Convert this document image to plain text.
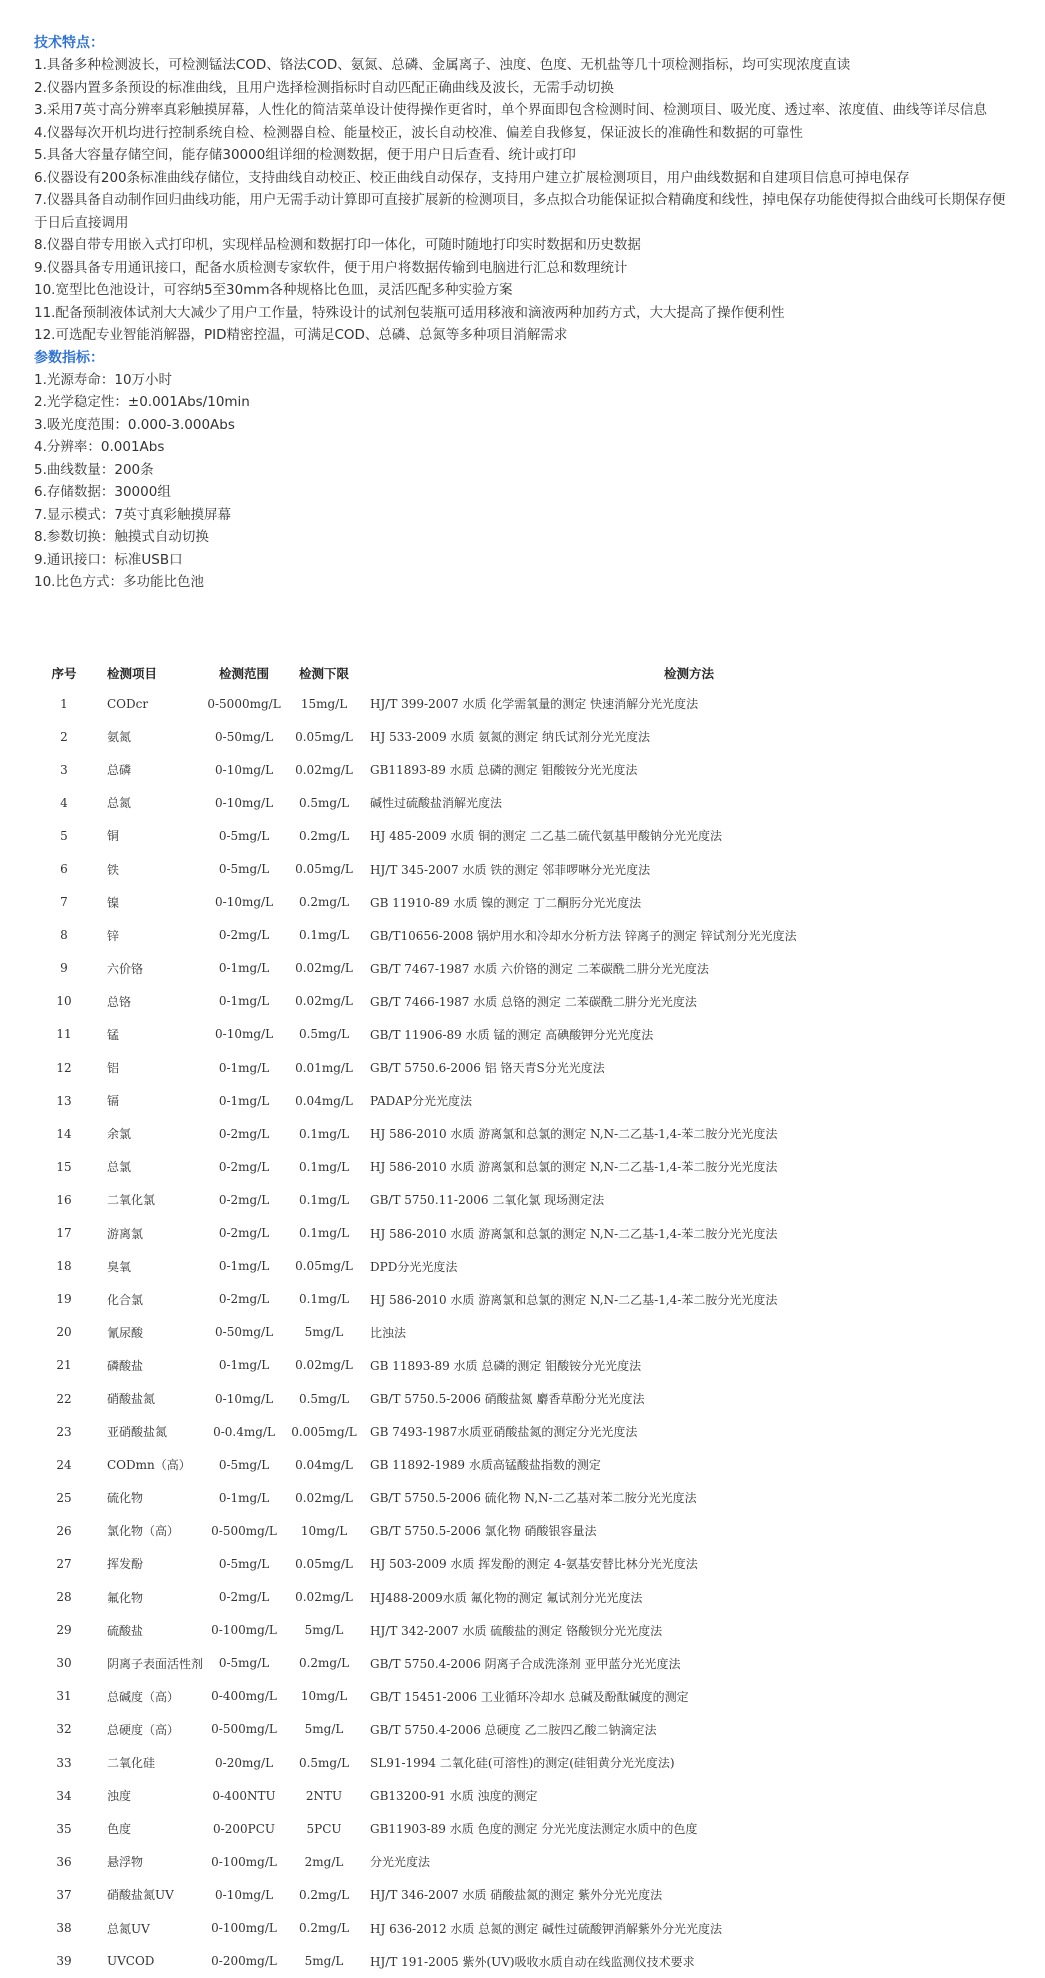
技术特点：
1.具备多种检测波长，可检测锰法COD、铬法COD、氨氮、总磷、金属离子、浊度、色度、无机盐等几十项检测指标，均可实现浓度直读
2.仪器内置多条预设的标准曲线，且用户选择检测指标时自动匹配正确曲线及波长，无需手动切换
3.采用7英寸高分辨率真彩触摸屏幕，人性化的简洁菜单设计使得操作更省时，单个界面即包含检测时间、检测项目、吸光度、透过率、浓度值、曲线等详尽信息
4.仪器每次开机均进行控制系统自检、检测器自检、能量校正，波长自动校准、偏差自我修复，保证波长的准确性和数据的可靠性
5.具备大容量存储空间，能存储30000组详细的检测数据，便于用户日后查看、统计或打印
6.仪器设有200条标准曲线存储位，支持曲线自动校正、校正曲线自动保存，支持用户建立扩展检测项目，用户曲线数据和自建项目信息可掉电保存
7.仪器具备自动制作回归曲线功能，用户无需手动计算即可直接扩展新的检测项目，多点拟合功能保证拟合精确度和线性，掉电保存功能使得拟合曲线可长期保存便于日后直接调用
8.仪器自带专用嵌入式打印机，实现样品检测和数据打印一体化，可随时随地打印实时数据和历史数据
9.仪器具备专用通讯接口，配备水质检测专家软件，便于用户将数据传输到电脑进行汇总和数理统计
10.宽型比色池设计，可容纳5至30mm各种规格比色皿，灵活匹配多种实验方案
11.配备预制液体试剂大大减少了用户工作量，特殊设计的试剂包装瓶可适用移液和滴液两种加药方式，大大提高了操作便利性
12.可选配专业智能消解器，PID精密控温，可满足COD、总磷、总氮等多种项目消解需求
参数指标：
1.光源寿命：10万小时
2.光学稳定性：±0.001Abs/10min
3.吸光度范围：0.000-3.000Abs
4.分辨率：0.001Abs
5.曲线数量：200条
6.存储数据：30000组
7.显示模式：7英寸真彩触摸屏幕
8.参数切换：触摸式自动切换
9.通讯接口：标准USB口
10.比色方式：多功能比色池
序号	检测项目	检测范围	检测下限	检测方法
1	CODcr	0-5000mg/L	15mg/L	HJ/T 399-2007 水质 化学需氧量的测定 快速消解分光光度法
2	氨氮	0-50mg/L	0.05mg/L	HJ 533-2009 水质 氨氮的测定 纳氏试剂分光光度法
3	总磷	0-10mg/L	0.02mg/L	GB11893-89 水质 总磷的测定 钼酸铵分光光度法
4	总氮	0-10mg/L	0.5mg/L	碱性过硫酸盐消解光度法
5	铜	0-5mg/L	0.2mg/L	HJ 485-2009 水质 铜的测定 二乙基二硫代氨基甲酸钠分光光度法
6	铁	0-5mg/L	0.05mg/L	HJ/T 345-2007 水质 铁的测定 邻菲啰啉分光光度法
7	镍	0-10mg/L	0.2mg/L	GB 11910-89 水质 镍的测定 丁二酮肟分光光度法
8	锌	0-2mg/L	0.1mg/L	GB/T10656-2008 锅炉用水和冷却水分析方法 锌离子的测定 锌试剂分光光度法
9	六价铬	0-1mg/L	0.02mg/L	GB/T 7467-1987 水质 六价铬的测定 二苯碳酰二肼分光光度法
10	总铬	0-1mg/L	0.02mg/L	GB/T 7466-1987 水质 总铬的测定 二苯碳酰二肼分光光度法
11	锰	0-10mg/L	0.5mg/L	GB/T 11906-89 水质 锰的测定 高碘酸钾分光光度法
12	铝	0-1mg/L	0.01mg/L	GB/T 5750.6-2006 铝 铬天青S分光光度法
13	镉	0-1mg/L	0.04mg/L	PADAP分光光度法
14	余氯	0-2mg/L	0.1mg/L	HJ 586-2010 水质 游离氯和总氯的测定 N,N-二乙基-1,4-苯二胺分光光度法
15	总氯	0-2mg/L	0.1mg/L	HJ 586-2010 水质 游离氯和总氯的测定 N,N-二乙基-1,4-苯二胺分光光度法
16	二氧化氯	0-2mg/L	0.1mg/L	GB/T 5750.11-2006 二氧化氯 现场测定法
17	游离氯	0-2mg/L	0.1mg/L	HJ 586-2010 水质 游离氯和总氯的测定 N,N-二乙基-1,4-苯二胺分光光度法
18	臭氧	0-1mg/L	0.05mg/L	DPD分光光度法
19	化合氯	0-2mg/L	0.1mg/L	HJ 586-2010 水质 游离氯和总氯的测定 N,N-二乙基-1,4-苯二胺分光光度法
20	氰尿酸	0-50mg/L	5mg/L	比浊法
21	磷酸盐	0-1mg/L	0.02mg/L	GB 11893-89 水质 总磷的测定 钼酸铵分光光度法
22	硝酸盐氮	0-10mg/L	0.5mg/L	GB/T 5750.5-2006 硝酸盐氮 麝香草酚分光光度法
23	亚硝酸盐氮	0-0.4mg/L	0.005mg/L	GB 7493-1987水质亚硝酸盐氮的测定分光光度法
24	CODmn（高）	0-5mg/L	0.04mg/L	GB 11892-1989 水质高锰酸盐指数的测定
25	硫化物	0-1mg/L	0.02mg/L	GB/T 5750.5-2006 硫化物 N,N-二乙基对苯二胺分光光度法
26	氯化物（高）	0-500mg/L	10mg/L	GB/T 5750.5-2006 氯化物 硝酸银容量法
27	挥发酚	0-5mg/L	0.05mg/L	HJ 503-2009 水质 挥发酚的测定 4-氨基安替比林分光光度法
28	氟化物	0-2mg/L	0.02mg/L	HJ488-2009水质 氟化物的测定 氟试剂分光光度法
29	硫酸盐	0-100mg/L	5mg/L	HJ/T 342-2007 水质 硫酸盐的测定 铬酸钡分光光度法
30	阴离子表面活性剂	0-5mg/L	0.2mg/L	GB/T 5750.4-2006 阴离子合成洗涤剂 亚甲蓝分光光度法
31	总碱度（高）	0-400mg/L	10mg/L	GB/T 15451-2006 工业循环冷却水 总碱及酚酞碱度的测定
32	总硬度（高）	0-500mg/L	5mg/L	GB/T 5750.4-2006 总硬度 乙二胺四乙酸二钠滴定法
33	二氧化硅	0-20mg/L	0.5mg/L	SL91-1994 二氧化硅(可溶性)的测定(硅钼黄分光光度法)
34	浊度	0-400NTU	2NTU	GB13200-91 水质 浊度的测定
35	色度	0-200PCU	5PCU	GB11903-89 水质 色度的测定 分光光度法测定水质中的色度
36	悬浮物	0-100mg/L	2mg/L	分光光度法
37	硝酸盐氮UV	0-10mg/L	0.2mg/L	HJ/T 346-2007 水质 硝酸盐氮的测定 紫外分光光度法
38	总氮UV	0-100mg/L	0.2mg/L	HJ 636-2012 水质 总氮的测定 碱性过硫酸钾消解紫外分光光度法
39	UVCOD	0-200mg/L	5mg/L	HJ/T 191-2005 紫外(UV)吸收水质自动在线监测仪技术要求
